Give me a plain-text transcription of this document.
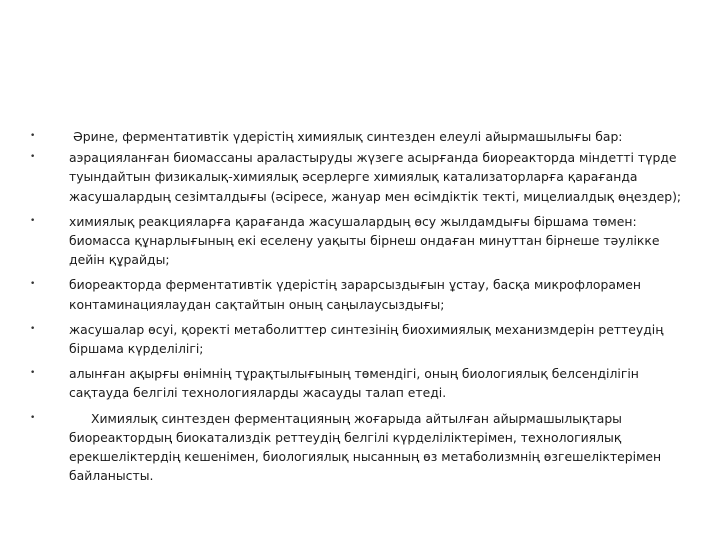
•	Әрине, ферментативтік үдерістің химиялық синтезден елеулі айырмашылығы бар:
•	аэрацияланған биомассаны араластыруды жүзеге асырғанда биореакторда міндетті түрде туындайтын физикалық-химиялық әсерлерге химиялық катализаторларға қарағанда жасушалардың сезімталдығы (әсіресе, жануар мен өсімдіктік текті, мицелиалдық өңездер);
•	химиялық реакцияларға қарағанда жасушалардың өсу жылдамдығы біршама төмен: биомасса құнарлығының екі еселену уақыты бірнеш ондаған минуттан бірнеше тәулікке дейін құрайды;
•	биореакторда ферментативтік үдерістің зарарсыздығын ұстау, басқа микрофлорамен контаминациялаудан сақтайтын оның саңылаусыздығы;
•	жасушалар өсуі, қоректі метаболиттер синтезінің биохимиялық механизмдерін реттеудің біршама күрделілігі;
•	алынған ақырғы өнімнің тұрақтылығының төмендігі, оның биологиялық белсенділігін сақтауда белгілі технологияларды жасауды талап етеді.
•	Химиялық синтезден ферментацияның жоғарыда айтылған айырмашылықтары биореактордың биокатализдік реттеудің белгілі күрделіліктерімен, технологиялық ерекшеліктердің кешенімен, биологиялық нысанның өз метаболизмнің өзгешеліктерімен байланысты.
